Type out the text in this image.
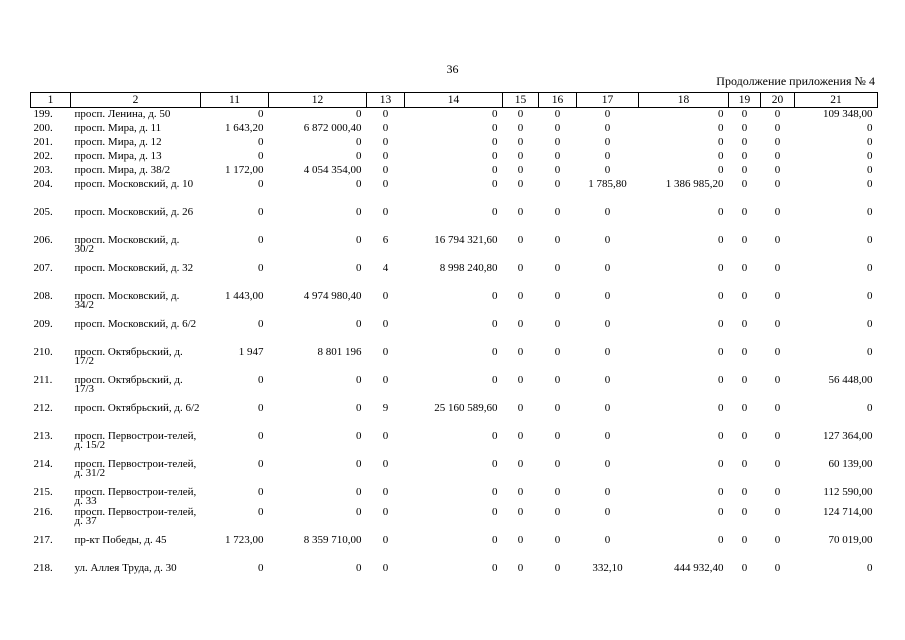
36
Продолжение приложения № 4
1	2	11	12	13	14	15	16	17	18	19	20	21
199.	просп. Ленина, д. 50	0	0	0	0	0	0	0	0	0	0	109 348,00
200.	просп. Мира, д. 11	1 643,20	6 872 000,40	0	0	0	0	0	0	0	0	0
201.	просп. Мира, д. 12	0	0	0	0	0	0	0	0	0	0	0
202.	просп. Мира, д. 13	0	0	0	0	0	0	0	0	0	0	0
203.	просп. Мира, д. 38/2	1 172,00	4 054 354,00	0	0	0	0	0	0	0	0	0
204.	просп. Московский, д. 10	0	0	0	0	0	0	1 785,80	1 386 985,20	0	0	0
205.	просп. Московский, д. 26	0	0	0	0	0	0	0	0	0	0	0
206.	просп. Московский, д. 30/2	0	0	6	16 794 321,60	0	0	0	0	0	0	0
207.	просп. Московский, д. 32	0	0	4	8 998 240,80	0	0	0	0	0	0	0
208.	просп. Московский, д. 34/2	1 443,00	4 974 980,40	0	0	0	0	0	0	0	0	0
209.	просп. Московский, д. 6/2	0	0	0	0	0	0	0	0	0	0	0
210.	просп. Октябрьский, д. 17/2	1 947	8 801 196	0	0	0	0	0	0	0	0	0
211.	просп. Октябрьский, д. 17/3	0	0	0	0	0	0	0	0	0	0	56 448,00
212.	просп. Октябрьский, д. 6/2	0	0	9	25 160 589,60	0	0	0	0	0	0	0
213.	просп. Первострои-телей, д. 15/2	0	0	0	0	0	0	0	0	0	0	127 364,00
214.	просп. Первострои-телей, д. 31/2	0	0	0	0	0	0	0	0	0	0	60 139,00
215.	просп. Первострои-телей, д. 33	0	0	0	0	0	0	0	0	0	0	112 590,00
216.	просп. Первострои-телей, д. 37	0	0	0	0	0	0	0	0	0	0	124 714,00
217.	пр-кт Победы, д. 45	1 723,00	8 359 710,00	0	0	0	0	0	0	0	0	70 019,00
218.	ул. Аллея Труда, д. 30	0	0	0	0	0	0	332,10	444 932,40	0	0	0
